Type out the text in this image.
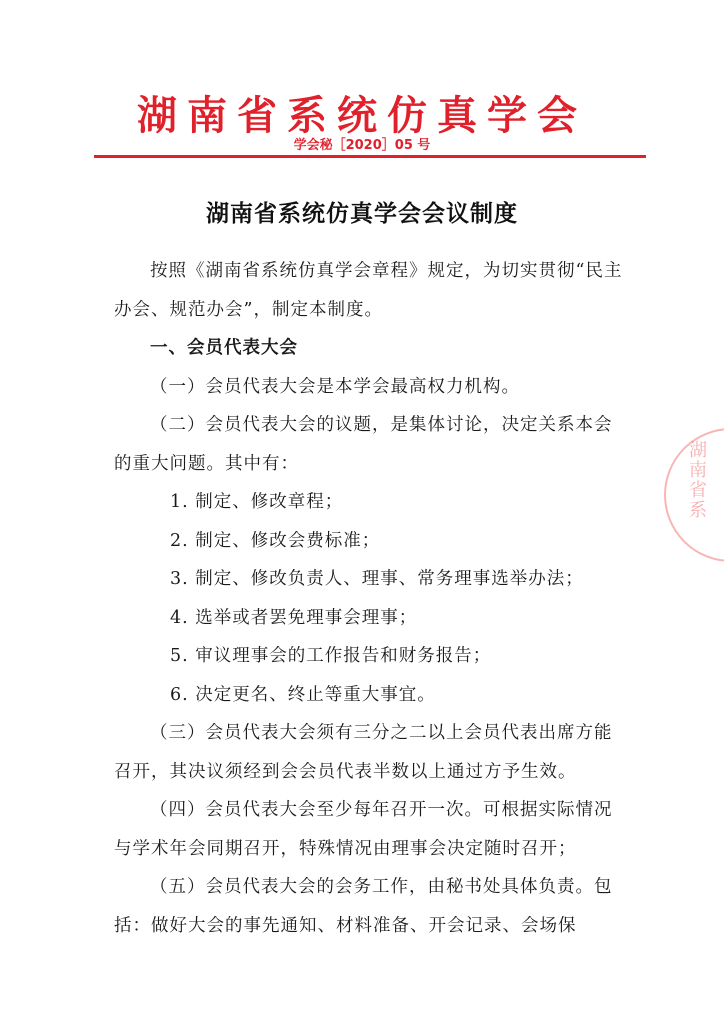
湖南省系统仿真学会
学会秘［2020］05 号
湖南省系统仿真学会会议制度

按照《湖南省系统仿真学会章程》规定，为切实贯彻“民主办会、规范办会”，制定本制度。

一、会员代表大会

（一）会员代表大会是本学会最高权力机构。

（二）会员代表大会的议题，是集体讨论，决定关系本会的重大问题。其中有：

1. 制定、修改章程；

2. 制定、修改会费标准；

3. 制定、修改负责人、理事、常务理事选举办法；

4. 选举或者罢免理事会理事；

5. 审议理事会的工作报告和财务报告；

6. 决定更名、终止等重大事宜。

（三）会员代表大会须有三分之二以上会员代表出席方能召开，其决议须经到会会员代表半数以上通过方予生效。

（四）会员代表大会至少每年召开一次。可根据实际情况与学术年会同期召开，特殊情况由理事会决定随时召开；

（五）会员代表大会的会务工作，由秘书处具体负责。包括：做好大会的事先通知、材料准备、开会记录、会场保

湖南省系
